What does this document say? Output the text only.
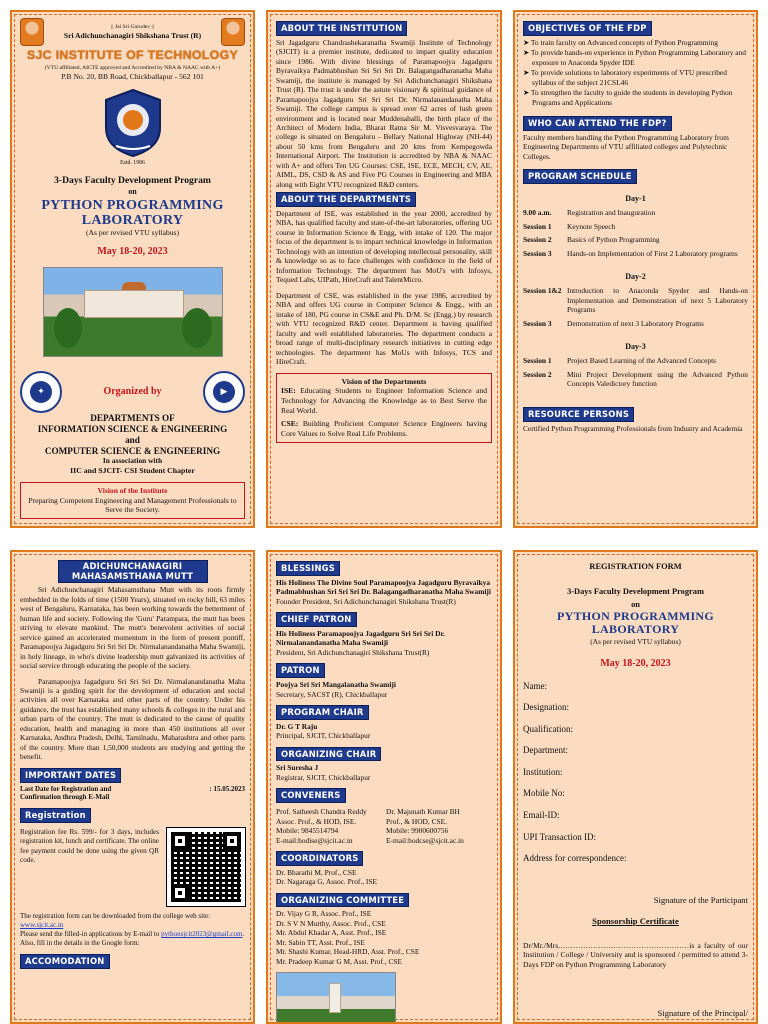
|| Jai Sri Gurudev ||
Sri Adichunchanagiri Shikshana Trust (R)
SJC INSTITUTE OF TECHNOLOGY
(VTU affiliated, AICTE approved and Accredited by NBA & NAAC with A+)
P.B No. 20, BB Road, Chickballapur - 562 101
Estd. 1986
3-Days Faculty Development Program
on
PYTHON PROGRAMMING
LABORATORY
(As per revised VTU syllabus)
May 18-20, 2023
✦	Organized by	▶
DEPARTMENTS OF
INFORMATION SCIENCE & ENGINEERING
and
COMPUTER SCIENCE & ENGINEERING
In association with
IIC and SJCIT- CSI Student Chapter
Vision of the Institute
Preparing Competent Engineering and Management Professionals to Serve the Society.
ABOUT THE INSTITUTION
Sri Jagadguru Chandrashekaranatha Swamiji Institute of Technology (SJCIT) is a premier institute, dedicated to impart quality education since 1986. With divine blessings of Paramapoojya Jagadguru Byravaikya Padmabhushan Sri Sri Sri Dr. Balagangadharanatha Maha Swamiji, the institute is managed by Sri Adichunchanagiri Shikshana Trust (R). The trust is under the astute visionary & spiritual guidance of Paramapoojya Jagadguru Sri Sri Sri Dr. Nirmalanandanatha Maha Swamiji. The college campus is spread over 62 acres of lush green environment and is located near Muddenahalli, the birth place of the Architect of Modern India, Bharat Ratna Sir M. Visvesvaraya. The college is situated on Bengaluru - Bellary National Highway (NH-44) about 50 kms from Bengaluru and 20 kms from Kempegowda International Airport. The Institution is accredited by NBA & NAAC with A+ and offers Ten UG Courses: CSE, ISE, ECE, MECH, CV, AE, AIML, DS, CSD & AS and Five PG Courses in Engineering and MBA along with Eight VTU recognized R&D centers.
ABOUT THE DEPARTMENTS
Department of ISE, was established in the year 2000, accredited by NBA, has qualified faculty and state-of-the-art laboratories, offering UG course in Information Science & Engg, with intake of 120. The major focus of the department is to impart technical knowledge in Information Technology with an intention of developing intellectual personality, skill & knowledge so as to face challenges with confidence in the field of Information Technology. The department has MoU's with Infosys, Tequed Labs, UIPath, HireCraft and TalentMicro.
Department of CSE, was established in the year 1986, accredited by NBA and offers UG course in Computer Science & Engg., with an intake of 180, PG course in CS&E and Ph. D/M. Sc (Engg.) by research with VTU recognized R&D center. Department is having qualified faculty and well established laboratories. The department conducts a broad range of multi-disciplinary research initiatives in cutting edge technologies. The department has MoUs with Infosys, TCS and HireCraft.
Vision of the Departments
ISE: Educating Students to Engineer Information Science and Technology for Advancing the Knowledge as to Best Serve the Real World.
CSE: Building Proficient Computer Science Engineers having Core Values to Solve Real Life Problems.
OBJECTIVES OF THE FDP
➤ To train faculty on Advanced concepts of Python Programming
➤ To provide hands-on experience in Python Programming Laboratory and exposure to Anaconda Spyder IDE
➤ To provide solutions to laboratory experiments of VTU prescribed syllabus of the subject 21CSL46
➤ To strengthen the faculty to guide the students in developing Python Programs and Applications
WHO CAN ATTEND THE FDP?
Faculty members handling the Python Programming Laboratory from Engineering Departments of VTU affiliated colleges and Polytechnic Colleges.
PROGRAM SCHEDULE
Day-1
9.00 a.m.	Registration and Inauguration
Session 1	Keynote Speech
Session 2	Basics of Python Programming
Session 3	Hands-on Implementation of First 2 Laboratory programs
Day-2
Session 1&2 Introduction to Anaconda Spyder and Hands-on Implementation and Demonstration of next 5 Laboratory Programs
Session 3	Demonstration of next 3 Laboratory Programs
Day-3
Session 1	Project Based Learning of the Advanced Concepts
Session 2	Mini Project Development using the Advanced Python Concepts Valedictory function
RESOURCE PERSONS
Certified Python Programming Professionals from Industry and Academia
ADICHUNCHANAGIRI
MAHASAMSTHANA MUTT
Sri Adichunchanagiri Mahasamsthana Mutt with its roots firmly embedded in the folds of time (1500 Years), situated on rocky hill, 63 miles west of Bengaluru, Karnataka, has been working towards the betterment of human life and society. Following the 'Guru' Parampara, the mutt has been striving to elevate mankind. The mutt's benevolent activities of social service gained an accelerated momentum in the form of present pontiff, Paramapoojya Jagadguru Sri Sri Sri Dr. Nirmalanandanatha Maha Swamiji, in holy lineage, in who's divine leadership mutt galvanized its activities of social service through educating the people of the society.
Paramapoojya Jagadguru Sri Sri Sri Dr. Nirmalanandanatha Maha Swamiji is a guiding spirit for the development of education and social activities all over Karnataka and other parts of the country. Under his guidance, the trust has established many schools & colleges in the rural and urban parts of the country. The mutt is dedicated to the cause of quality education, health and managing in more than 450 institutions all over Karnataka, Andhra Pradesh, Delhi, Tamilnadu, Maharashtra and other parts of the country. More than 1,50,000 students are studying and getting the benefit.
IMPORTANT DATES
Last Date for Registration and Confirmation through E-Mail
: 15.05.2023
Registration
Registration fee Rs. 599/- for 3 days, includes registration kit, lunch and certificate. The online fee payment could be done using the given QR code.
The registration form can be downloaded from the college web site: www.sjcit.ac.in
Please send the filled-in applications by E-mail to pythonsjcit2023@gmail.com. Also, fill in the details in the Google form:
ACCOMODATION
BLESSINGS
His Holiness The Divine Soul Paramapoojya Jagadguru Byravaikya Padmabhushan Sri Sri Sri Dr. Balagangadharanatha Maha Swamiji
Founder President, Sri Adichunchanagiri Shikshana Trust(R)
CHIEF PATRON
His Holiness Paramapoojya Jagadguru Sri Sri Sri Dr. Nirmalanandanatha Maha Swamiji
President, Sri Adichunchanagiri Shikshana Trust(R)
PATRON
Poojya Sri Sri Mangalanatha Swamiji
Secretary, SACST (R), Chickballapur
PROGRAM CHAIR
Dr. G T Raju
Principal, SJCIT, Chickballapur
ORGANIZING CHAIR
Sri Suresha J
Registrar, SJCIT, Chickballapur
CONVENERS
Prof. Satheesh Chandra Reddy
Assoc. Prof., & HOD, ISE.
Mobile: 9845514794
E-mail:hodise@sjcit.ac.in
Dr. Majunath Kumar BH
Prof., & HOD, CSE.
Mobile: 9900600756
E-mail:hodcse@sjcit.ac.in
COORDINATORS
Dr. Bharathi M, Prof., CSE
Dr. Nagaraga G, Assoc. Prof., ISE
ORGANIZING COMMITTEE
Dr. Vijay G R, Assoc. Prof., ISE
Dr. S V N Murthy, Assoc. Prof., CSE
Mr. Abdul Khadar A, Asst. Prof., ISE
Mr. Sabin TT, Asst. Prof., ISE
Mr. Shashi Kumar, Head-HRD, Asst. Prof., CSE
Mr. Pradeep Kumar G M, Asst. Prof., CSE
REGISTRATION FORM
3-Days Faculty Development Program
on
PYTHON PROGRAMMING
LABORATORY
(As per revised VTU syllabus)
May 18-20, 2023
Name:
Designation:
Qualification:
Department:
Institution:
Mobile No:
Email-ID:
UPI Transaction ID:
Address for correspondence:
Signature of the Participant
Sponsorship Certificate
Dr/Mr./Mrs.……………………………………………is a faculty of our Institution / College / University and is sponsored / permitted to attend 3-Days FDP on Python Programming Laboratory
Signature of the Principal/
